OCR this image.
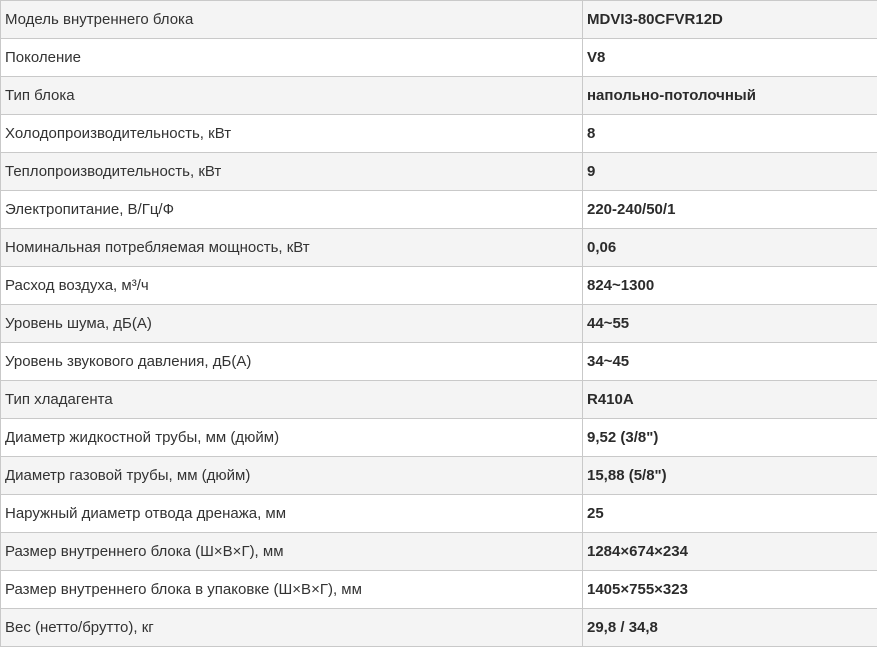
Модель внутреннего блока	MDVI3-80CFVR12D
Поколение	V8
Тип блока	напольно-потолочный
Холодопроизводительность, кВт	8
Теплопроизводительность, кВт	9
Электропитание, В/Гц/Ф	220-240/50/1
Номинальная потребляемая мощность, кВт	0,06
Расход воздуха, м³/ч	824~1300
Уровень шума, дБ(А)	44~55
Уровень звукового давления, дБ(А)	34~45
Тип хладагента	R410A
Диаметр жидкостной трубы, мм (дюйм)	9,52 (3/8")
Диаметр газовой трубы, мм (дюйм)	15,88 (5/8")
Наружный диаметр отвода дренажа, мм	25
Размер внутреннего блока (Ш×В×Г), мм	1284×674×234
Размер внутреннего блока в упаковке (Ш×В×Г), мм	1405×755×323
Вес (нетто/брутто), кг	29,8 / 34,8
